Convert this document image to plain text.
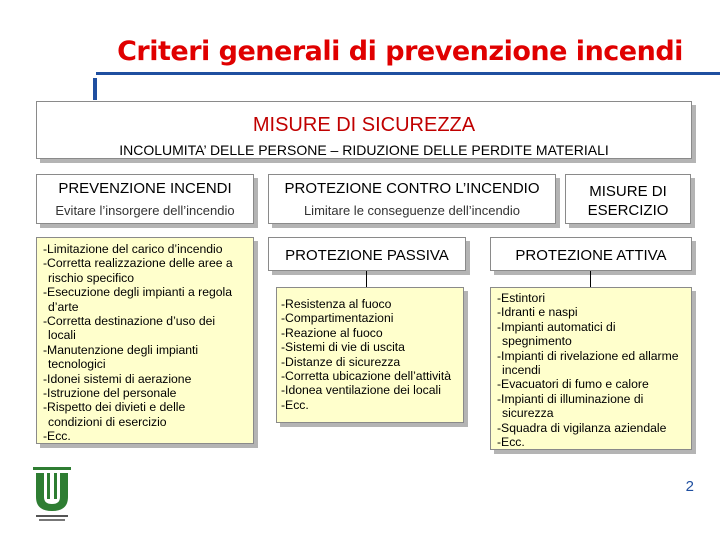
Criteri generali di prevenzione incendi
MISURE DI SICUREZZA
INCOLUMITA’ DELLE PERSONE – RIDUZIONE DELLE PERDITE MATERIALI
PREVENZIONE INCENDI
Evitare l’insorgere dell’incendio
PROTEZIONE CONTRO L’INCENDIO
Limitare le conseguenze dell’incendio
MISURE DI
ESERCIZIO
-Limitazione del carico d’incendio
-Corretta realizzazione delle aree a
rischio specifico
-Esecuzione degli impianti a regola
d’arte
-Corretta destinazione d’uso dei
locali
-Manutenzione degli impianti
tecnologici
-Idonei sistemi di aerazione
-Istruzione del personale
-Rispetto dei divieti e delle
condizioni di esercizio
-Ecc.
PROTEZIONE PASSIVA	PROTEZIONE ATTIVA
-Resistenza al fuoco
-Compartimentazioni
-Reazione al fuoco
-Sistemi di vie di uscita
-Distanze di sicurezza
-Corretta ubicazione dell’attività
-Idonea ventilazione dei locali
-Ecc.
-Estintori
-Idranti e naspi
-Impianti automatici di
spegnimento
-Impianti di rivelazione ed allarme
incendi
-Evacuatori di fumo e calore
-Impianti di illuminazione di
sicurezza
-Squadra di vigilanza aziendale
-Ecc.
2
